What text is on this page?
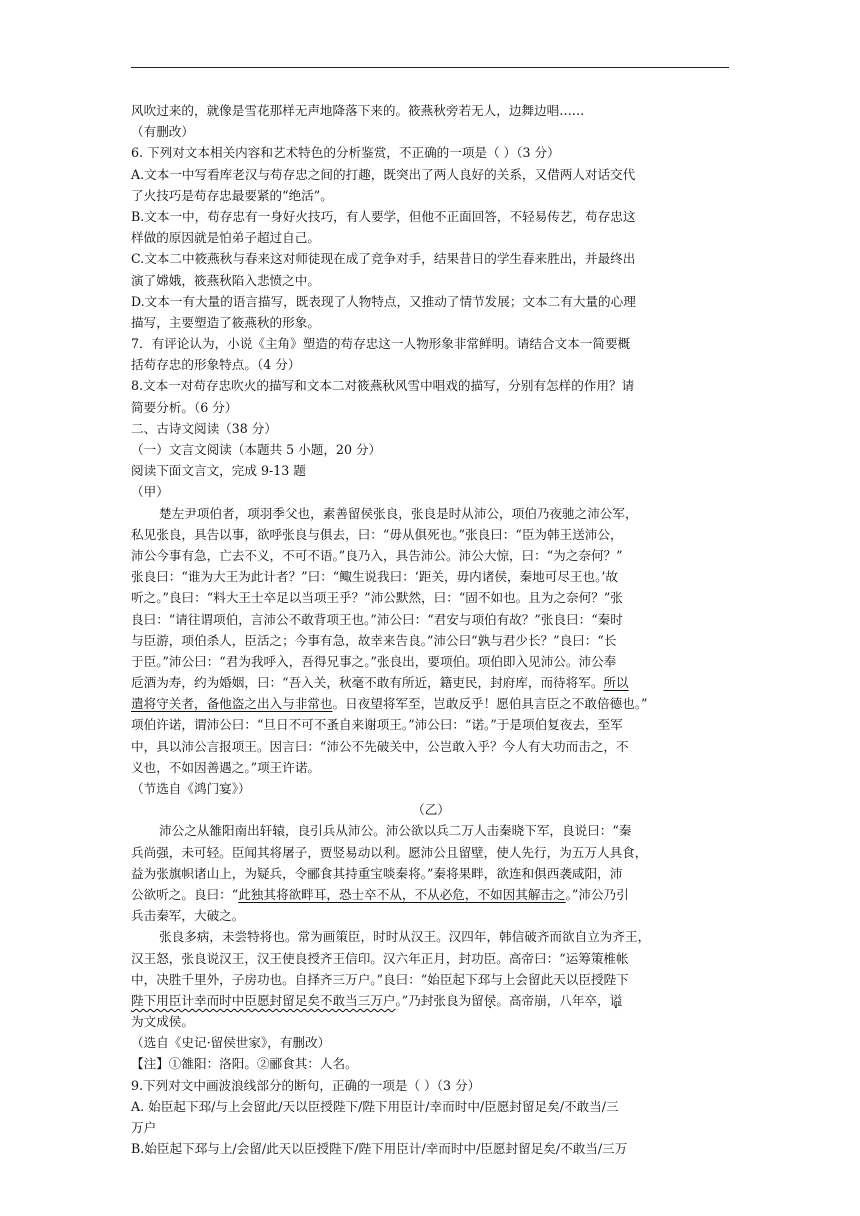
风吹过来的，就像是雪花那样无声地降落下来的。筱燕秋旁若无人，边舞边唱……
（有删改）
6. 下列对文本相关内容和艺术特色的分析鉴赏，不正确的一项是（ ）（3 分）
A.文本一中写看库老汉与苟存忠之间的打趣，既突出了两人良好的关系，又借两人对话交代
了火技巧是苟存忠最要紧的“绝活”。
B.文本一中，苟存忠有一身好火技巧，有人要学，但他不正面回答，不轻易传艺，苟存忠这
样做的原因就是怕弟子超过自己。
C.文本二中筱燕秋与春来这对师徒现在成了竞争对手，结果昔日的学生春来胜出，并最终出
演了嫦娥，筱燕秋陷入悲愤之中。
D.文本一有大量的语言描写，既表现了人物特点，又推动了情节发展；文本二有大量的心理
描写，主要塑造了筱燕秋的形象。
7．有评论认为，小说《主角》塑造的苟存忠这一人物形象非常鲜明。请结合文本一简要概
括苟存忠的形象特点。（4 分）
8.文本一对苟存忠吹火的描写和文本二对筱燕秋风雪中唱戏的描写，分别有怎样的作用？请
简要分析。（6 分）
二、古诗文阅读（38 分）
（一）文言文阅读（本题共 5 小题，20 分）
阅读下面文言文，完成 9-13 题
（甲）
楚左尹项伯者，项羽季父也，素善留侯张良，张良是时从沛公，项伯乃夜驰之沛公军，
私见张良，具告以事，欲呼张良与俱去，曰：“毋从俱死也。”张良曰：“臣为韩王送沛公，
沛公今事有急，亡去不义，不可不语。”良乃入，具告沛公。沛公大惊，曰：“为之奈何？”
张良曰：“谁为大王为此计者？”曰：“鲰生说我曰：‘距关，毋内诸侯，秦地可尽王也。’故
听之。”良曰：“料大王士卒足以当项王乎？”沛公默然，曰：“固不如也。且为之奈何？”张
良曰：“请往谓项伯，言沛公不敢背项王也。”沛公曰：“君安与项伯有故？”张良曰：“秦时
与臣游，项伯杀人，臣活之；今事有急，故幸来告良。”沛公曰“孰与君少长？”良曰：“长
于臣。”沛公曰：“君为我呼入，吾得兄事之。”张良出，要项伯。项伯即入见沛公。沛公奉
卮酒为寿，约为婚姻，曰：“吾入关，秋毫不敢有所近，籍吏民，封府库，而待将军。所以
遣将守关者，备他盗之出入与非常也。日夜望将军至，岂敢反乎！愿伯具言臣之不敢倍德也。”
项伯许诺，谓沛公曰：“旦日不可不蚤自来谢项王。”沛公曰：“诺。”于是项伯复夜去，至军
中，具以沛公言报项王。因言曰：“沛公不先破关中，公岂敢入乎？今人有大功而击之，不
义也，不如因善遇之。”项王许诺。
（节选自《鸿门宴》）
（乙）
沛公之从雒阳南出轩辕，良引兵从沛公。沛公欲以兵二万人击秦晓下军，良说曰：“秦
兵尚强，未可轻。臣闻其将屠子，贾竖易动以利。愿沛公且留壁，使人先行，为五万人具食，
益为张旗帜诸山上，为疑兵，令郦食其持重宝啖秦将。”秦将果畔，欲连和俱西袭咸阳，沛
公欲听之。良曰：“此独其将欲畔耳，恐士卒不从，不从必危，不如因其解击之。”沛公乃引
兵击秦军，大破之。
张良多病，未尝特将也。常为画策臣，时时从汉王。汉四年，韩信破齐而欲自立为齐王，
汉王怒，张良说汉王，汉王使良授齐王信印。汉六年正月，封功臣。高帝曰：“运筹策椎帐
中，决胜千里外，子房功也。自择齐三万户。”良曰：“始臣起下邳与上会留此天以臣授陛下
陛下用臣计幸而时中臣愿封留足矣不敢当三万户。”乃封张良为留侯。高帝崩，八年卒，谥
为文成侯。
（选自《史记·留侯世家》，有删改）
【注】①雒阳：洛阳。②郦食其：人名。
9.下列对文中画波浪线部分的断句，正确的一项是（ ）（3 分）
A. 始臣起下邳/与上会留此/天以臣授陛下/陛下用臣计/幸而时中/臣愿封留足矣/不敢当/三
万户
B.始臣起下邳与上/会留/此天以臣授陛下/陛下用臣计/幸而时中/臣愿封留足矣/不敢当/三万
